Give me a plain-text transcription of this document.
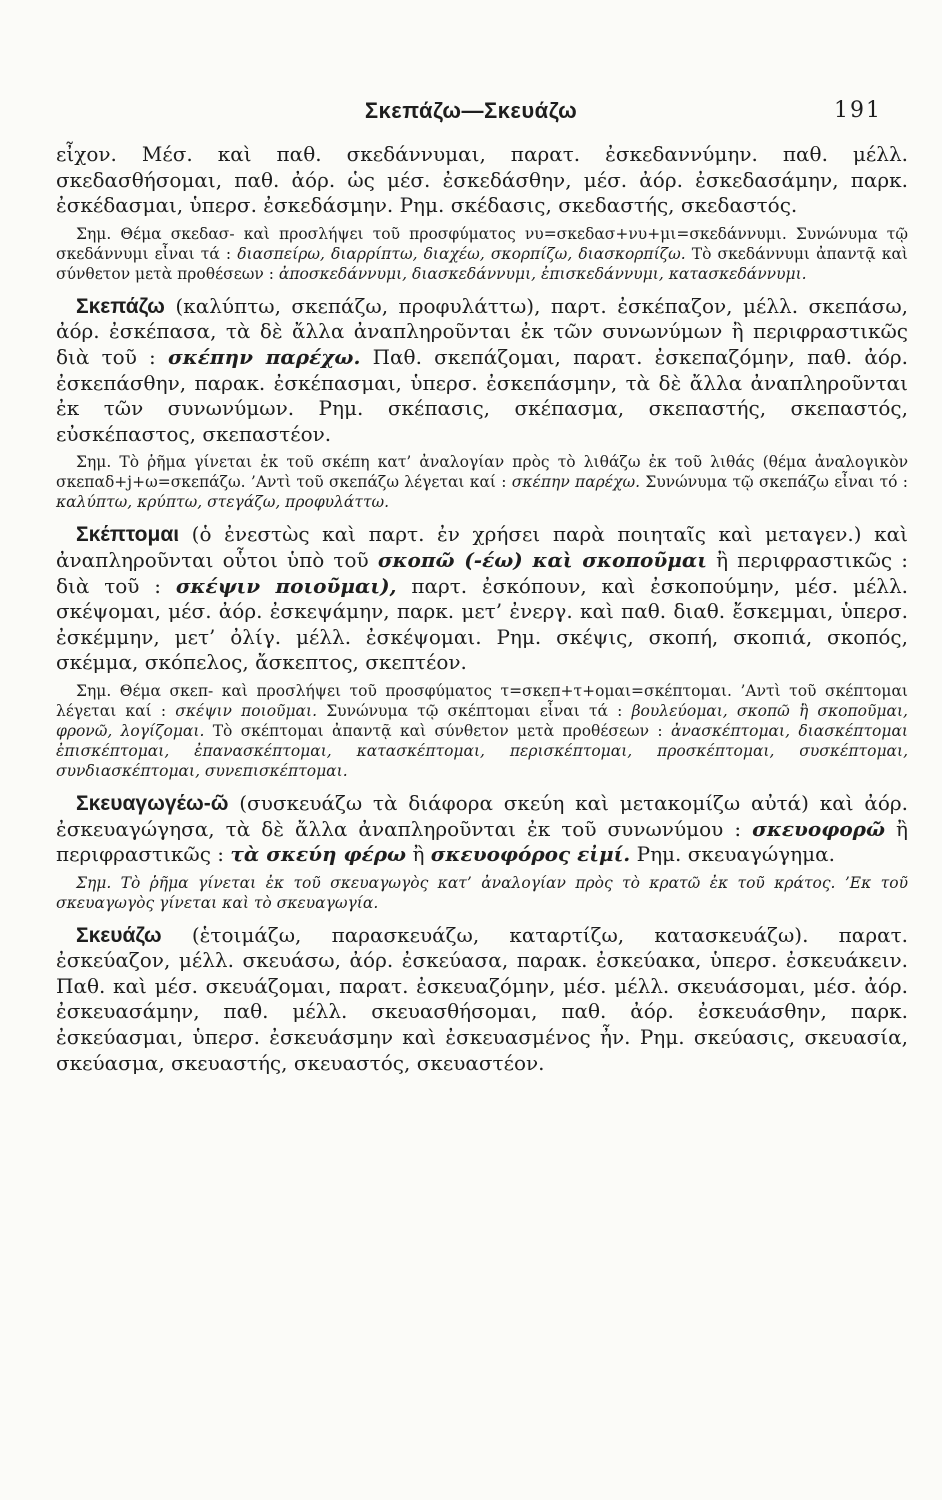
Σκεπάζω—Σκευάζω	191

εἶχον. Μέσ. καὶ παθ. σκεδάννυμαι, παρατ. ἐσκεδαννύμην. παθ. μέλλ. σκεδασθήσομαι, παθ. ἀόρ. ὡς μέσ. ἐσκεδάσθην, μέσ. ἀόρ. ἐσκεδασάμην, παρκ. ἐσκέδασμαι, ὑπερσ. ἐσκεδάσμην. Ρημ. σκέδασις, σκεδαστής, σκεδαστός.

Σημ. Θέμα σκεδασ- καὶ προσλήψει τοῦ προσφύματος νυ=σκεδασ+νυ+μι=σκεδάννυμι. Συνώνυμα τῷ σκεδάννυμι εἶναι τά : διασπείρω, διαρρίπτω, διαχέω, σκορπίζω, διασκορπίζω. Τὸ σκεδάννυμι ἀπαντᾷ καὶ σύνθετον μετὰ προθέσεων : ἀποσκεδάννυμι, διασκεδάννυμι, ἐπισκεδάννυμι, κατασκεδάννυμι.

Σκεπάζω (καλύπτω, σκεπάζω, προφυλάττω), παρτ. ἐσκέπαζον, μέλλ. σκεπάσω, ἀόρ. ἐσκέπασα, τὰ δὲ ἄλλα ἀναπληροῦνται ἐκ τῶν συνωνύμων ἢ περιφραστικῶς διὰ τοῦ : σκέπην παρέχω. Παθ. σκεπάζομαι, παρατ. ἐσκεπαζόμην, παθ. ἀόρ. ἐσκεπάσθην, παρακ. ἐσκέπασμαι, ὑπερσ. ἐσκεπάσμην, τὰ δὲ ἄλλα ἀναπληροῦνται ἐκ τῶν συνωνύμων. Ρημ. σκέπασις, σκέπασμα, σκεπαστής, σκεπαστός, εὐσκέπαστος, σκεπαστέον.

Σημ. Τὸ ῥῆμα γίνεται ἐκ τοῦ σκέπη κατ’ ἀναλογίαν πρὸς τὸ λιθάζω ἐκ τοῦ λιθάς (θέμα ἀναλογικὸν σκεπαδ+j+ω=σκεπάζω. ’Αντὶ τοῦ σκεπάζω λέγεται καί : σκέπην παρέχω. Συνώνυμα τῷ σκεπάζω εἶναι τό : καλύπτω, κρύπτω, στεγάζω, προφυλάττω.

Σκέπτομαι (ὁ ἐνεστὼς καὶ παρτ. ἐν χρήσει παρὰ ποιηταῖς καὶ μεταγεν.) καὶ ἀναπληροῦνται οὗτοι ὑπὸ τοῦ σκοπῶ (-έω) καὶ σκοποῦμαι ἢ περιφραστικῶς : διὰ τοῦ : σκέψιν ποιοῦμαι), παρτ. ἐσκόπουν, καὶ ἐσκοπούμην, μέσ. μέλλ. σκέψομαι, μέσ. ἀόρ. ἐσκεψάμην, παρκ. μετ’ ἐνεργ. καὶ παθ. διαθ. ἔσκεμμαι, ὑπερσ. ἐσκέμμην, μετ’ ὀλίγ. μέλλ. ἐσκέψομαι. Ρημ. σκέψις, σκοπή, σκοπιά, σκοπός, σκέμμα, σκόπελος, ἄσκεπτος, σκεπτέον.

Σημ. Θέμα σκεπ- καὶ προσλήψει τοῦ προσφύματος τ=σκεπ+τ+ομαι=σκέπτομαι. ’Αντὶ τοῦ σκέπτομαι λέγεται καί : σκέψιν ποιοῦμαι. Συνώνυμα τῷ σκέπτομαι εἶναι τά : βουλεύομαι, σκοπῶ ἢ σκοποῦμαι, φρονῶ, λογίζομαι. Τὸ σκέπτομαι ἀπαντᾷ καὶ σύνθετον μετὰ προθέσεων : ἀνασκέπτομαι, διασκέπτομαι ἐπισκέπτομαι, ἐπανασκέπτομαι, κατασκέπτομαι, περισκέπτομαι, προσκέπτομαι, συσκέπτομαι, συνδιασκέπτομαι, συνεπισκέπτομαι.

Σκευαγωγέω-ῶ (συσκευάζω τὰ διάφορα σκεύη καὶ μετακομίζω αὐτά) καὶ ἀόρ. ἐσκευαγώγησα, τὰ δὲ ἄλλα ἀναπληροῦνται ἐκ τοῦ συνωνύμου : σκευοφορῶ ἢ περιφραστικῶς : τὰ σκεύη φέρω ἢ σκευοφόρος εἰμί. Ρημ. σκευαγώγημα.

Σημ. Τὸ ῥῆμα γίνεται ἐκ τοῦ σκευαγωγὸς κατ’ ἀναλογίαν πρὸς τὸ κρατῶ ἐκ τοῦ κράτος. ’Εκ τοῦ σκευαγωγὸς γίνεται καὶ τὸ σκευαγωγία.

Σκευάζω (ἑτοιμάζω, παρασκευάζω, καταρτίζω, κατασκευάζω). παρατ. ἐσκεύαζον, μέλλ. σκευάσω, ἀόρ. ἐσκεύασα, παρακ. ἐσκεύακα, ὑπερσ. ἐσκευάκειν. Παθ. καὶ μέσ. σκευάζομαι, παρατ. ἐσκευαζόμην, μέσ. μέλλ. σκευάσομαι, μέσ. ἀόρ. ἐσκευασάμην, παθ. μέλλ. σκευασθήσομαι, παθ. ἀόρ. ἐσκευάσθην, παρκ. ἐσκεύασμαι, ὑπερσ. ἐσκευάσμην καὶ ἐσκευασμένος ἦν. Ρημ. σκεύασις, σκευασία, σκεύασμα, σκευαστής, σκευαστός, σκευαστέον.
